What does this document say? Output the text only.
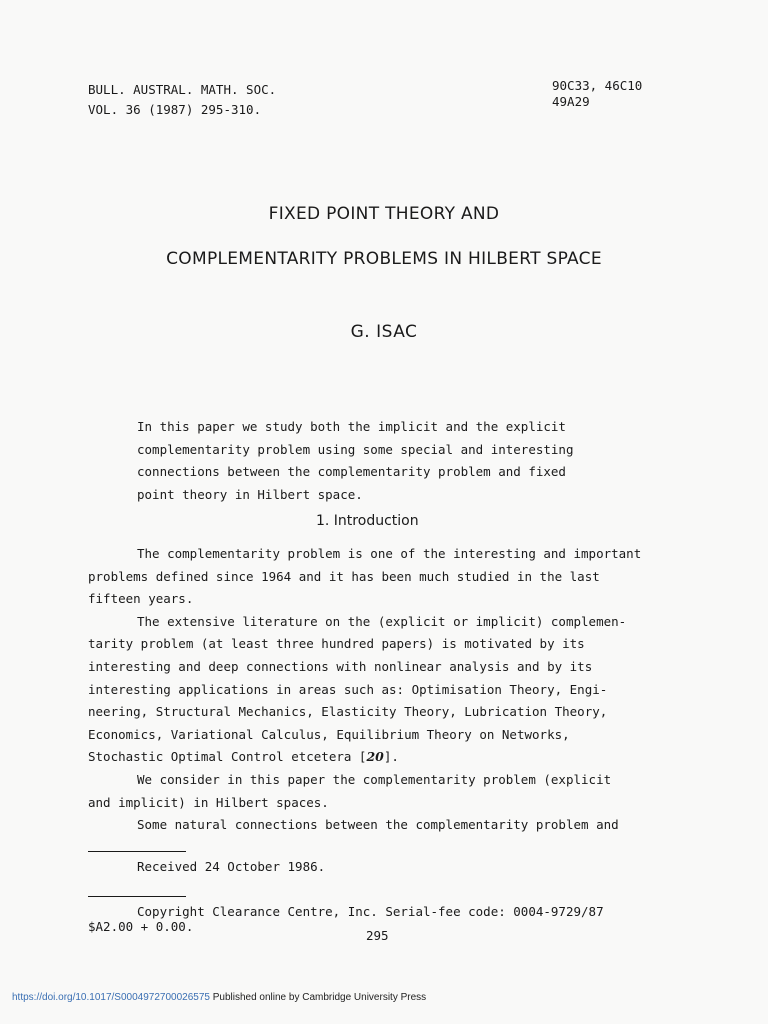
BULL. AUSTRAL. MATH. SOC.
VOL. 36 (1987) 295-310.
90C33, 46C10
49A29
FIXED POINT THEORY AND
COMPLEMENTARITY PROBLEMS IN HILBERT SPACE
G. ISAC
In this paper we study both the implicit and the explicit
complementarity problem using some special and interesting
connections between the complementarity problem and fixed
point theory in Hilbert space.
1. Introduction
The complementarity problem is one of the interesting and important
problems defined since 1964 and it has been much studied in the last
fifteen years.
The extensive literature on the (explicit or implicit) complemen-
tarity problem (at least three hundred papers) is motivated by its
interesting and deep connections with nonlinear analysis and by its
interesting applications in areas such as: Optimisation Theory, Engi-
neering, Structural Mechanics, Elasticity Theory, Lubrication Theory,
Economics, Variational Calculus, Equilibrium Theory on Networks,
Stochastic Optimal Control etcetera [20].
We consider in this paper the complementarity problem (explicit
and implicit) in Hilbert spaces.
Some natural connections between the complementarity problem and
Received 24 October 1986.
Copyright Clearance Centre, Inc. Serial-fee code: 0004-9729/87
$A2.00 + 0.00.
295
https://doi.org/10.1017/S0004972700026575 Published online by Cambridge University Press
